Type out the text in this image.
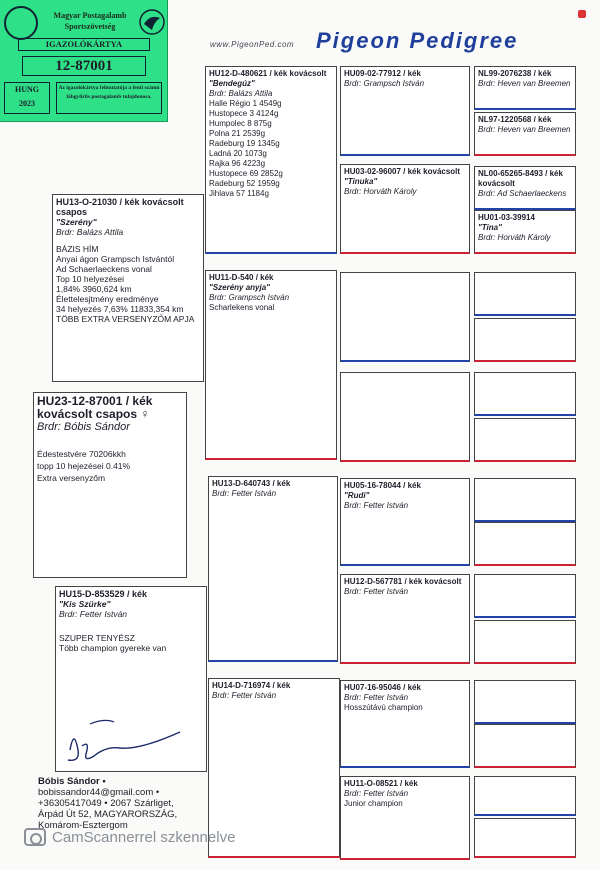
Magyar Postagalamb Sportszövetség
IGAZOLÓKÁRTYA
12-87001
HUNG
2023
Az igazolókártya felmutatója a fenti számú lábgyűrűs postagalamb tulajdonosa.
www.PigeonPed.com Pigeon Pedigree
HU23-12-87001 / kék kovácsolt csapos ♀
Brdr: Bóbis Sándor
Édestestvére 70206kkh
topp 10 hejezései 0.41%
Extra versenyzőm
HU13-O-21030 / kék kovácsolt csapos
"Szerény"
Brdr: Balázs Attila
BÁZIS HÍM
Anyai ágon Grampsch Istvántól
Ad Schaerlaeckens vonal
Top 10 helyezései
1,84% 3960,624 km
Élettelesjtmény eredménye
34 helyezés 7,63% 11833,354 km
TÖBB EXTRA VERSENYZŐM APJA
HU15-D-853529 / kék
"Kis Szürke"
Brdr: Fetter István
SZUPER TENYÉSZ
Több champion gyereke van
HU12-D-480621 / kék kovácsolt
"Bendegúz"
Brdr: Balázs Attila
Halle Régio 1 4549g
Hustopece 3 4124g
Humpolec 8 875g
Polna 21 2539g
Radeburg 19 1345g
Ladná 20 1073g
Rajka 96 4223g
Hustopece 69 2852g
Radeburg 52 1959g
Jihlava 57 1184g
HU11-D-540 / kék
"Szerény anyja"
Brdr: Grampsch István
Scharlekens vonal
HU13-D-640743 / kék
Brdr: Fetter István
HU14-D-716974 / kék
Brdr: Fetter István
HU09-02-77912 / kék
Brdr: Grampsch István
HU03-02-96007 / kék kovácsolt
"Tinuka"
Brdr: Horváth Károly
HU05-16-78044 / kék
"Rudi"
Brdr: Fetter István
HU12-D-567781 / kék kovácsolt
Brdr: Fetter István
HU07-16-95046 / kék
Brdr: Fetter István
Hosszútávú champion
HU11-O-08521 / kék
Brdr: Fetter István
Junior champion
NL99-2076238 / kék
Brdr: Heven van Breemen
NL97-1220568 / kék
Brdr: Heven van Breemen
NL00-65265-8493 / kék kovácsolt
Brdr: Ad Schaerlaeckens
HU01-03-39914
"Tina"
Brdr: Horváth Károly
Bóbis Sándor •
bobissandor44@gmail.com •
+36305417049 • 2067 Szárliget,
Árpád Út 52, MAGYARORSZÁG,
Komárom-Esztergom
CamScannerrel szkennelve
